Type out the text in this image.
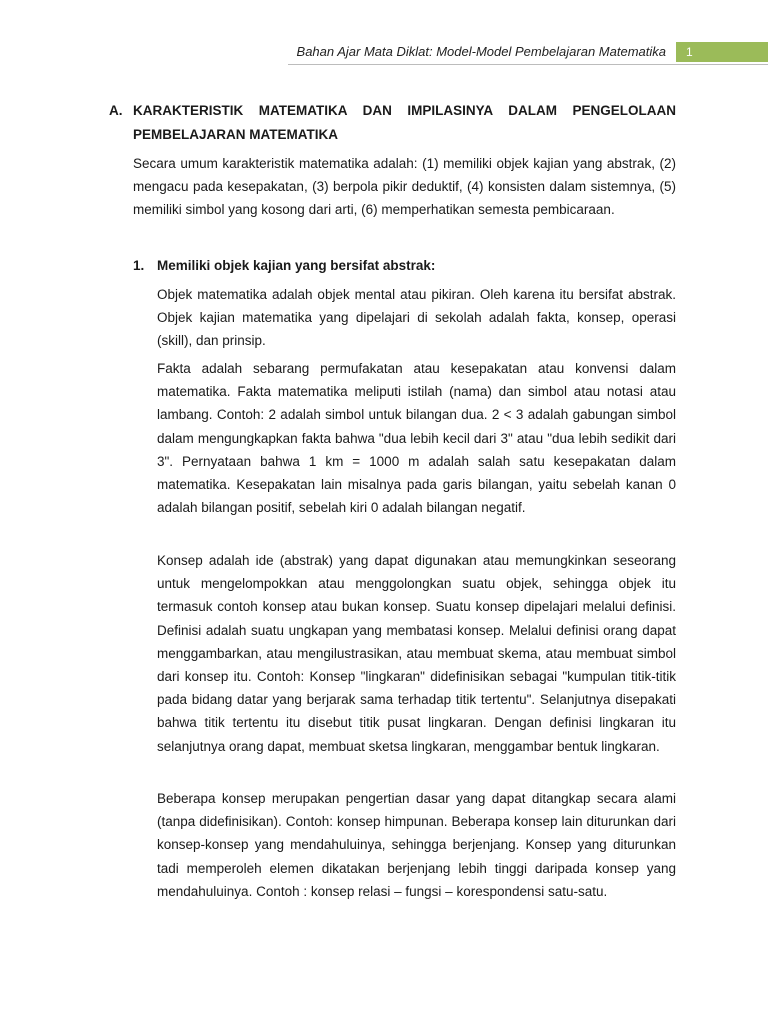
Bahan Ajar Mata Diklat: Model-Model Pembelajaran Matematika 1
A. KARAKTERISTIK MATEMATIKA DAN IMPILASINYA DALAM PENGELOLAAN PEMBELAJARAN MATEMATIKA
Secara umum karakteristik matematika adalah: (1) memiliki objek kajian yang abstrak, (2) mengacu pada kesepakatan, (3) berpola pikir deduktif, (4) konsisten dalam sistemnya, (5) memiliki simbol yang kosong dari arti, (6) memperhatikan semesta pembicaraan.
1. Memiliki objek kajian yang bersifat abstrak:
Objek matematika adalah objek mental atau pikiran. Oleh karena itu bersifat abstrak. Objek kajian matematika yang dipelajari di sekolah adalah fakta, konsep, operasi (skill), dan prinsip.
Fakta adalah sebarang permufakatan atau kesepakatan atau konvensi dalam matematika. Fakta matematika meliputi istilah (nama) dan simbol atau notasi atau lambang. Contoh: 2 adalah simbol untuk bilangan dua. 2 < 3 adalah gabungan simbol dalam mengungkapkan fakta bahwa "dua lebih kecil dari 3" atau "dua lebih sedikit dari 3". Pernyataan bahwa 1 km = 1000 m adalah salah satu kesepakatan dalam matematika. Kesepakatan lain misalnya pada garis bilangan, yaitu sebelah kanan 0 adalah bilangan positif, sebelah kiri 0 adalah bilangan negatif.
Konsep adalah ide (abstrak) yang dapat digunakan atau memungkinkan seseorang untuk mengelompokkan atau menggolongkan suatu objek, sehingga objek itu termasuk contoh konsep atau bukan konsep. Suatu konsep dipelajari melalui definisi. Definisi adalah suatu ungkapan yang membatasi konsep. Melalui definisi orang dapat menggambarkan, atau mengilustrasikan, atau membuat skema, atau membuat simbol dari konsep itu. Contoh: Konsep "lingkaran" didefinisikan sebagai "kumpulan titik-titik pada bidang datar yang berjarak sama terhadap titik tertentu". Selanjutnya disepakati bahwa titik tertentu itu disebut titik pusat lingkaran. Dengan definisi lingkaran itu selanjutnya orang dapat, membuat sketsa lingkaran, menggambar bentuk lingkaran.
Beberapa konsep merupakan pengertian dasar yang dapat ditangkap secara alami (tanpa didefinisikan). Contoh: konsep himpunan. Beberapa konsep lain diturunkan dari konsep-konsep yang mendahuluinya, sehingga berjenjang. Konsep yang diturunkan tadi memperoleh elemen dikatakan berjenjang lebih tinggi daripada konsep yang mendahuluinya. Contoh : konsep relasi – fungsi – korespondensi satu-satu.
